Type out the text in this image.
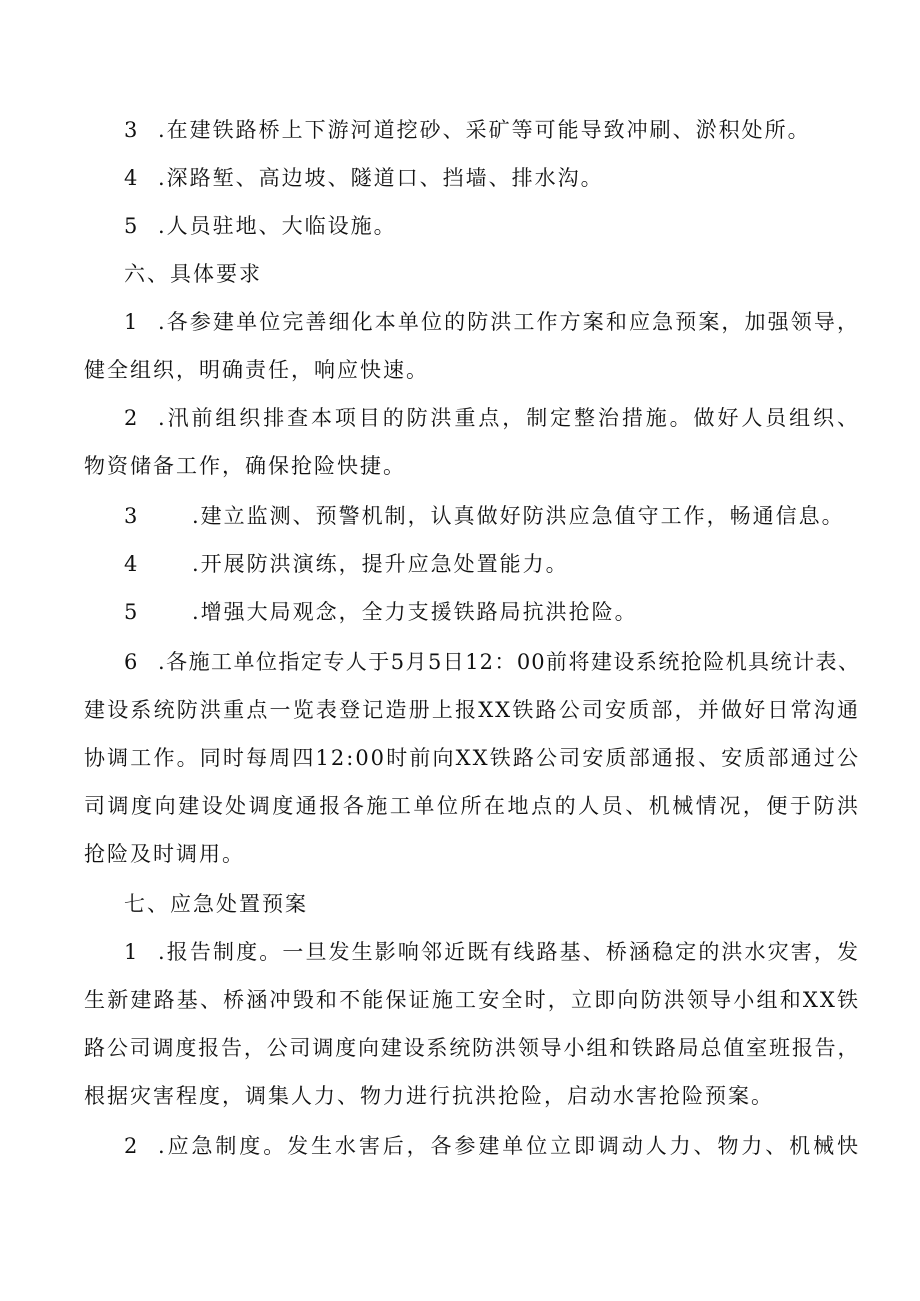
3 .在建铁路桥上下游河道挖砂、采矿等可能导致冲刷、淤积处所。
4 .深路堑、高边坡、隧道口、挡墙、排水沟。
5 .人员驻地、大临设施。
六、具体要求
1 .各参建单位完善细化本单位的防洪工作方案和应急预案，加强领导，
健全组织，明确责任，响应快速。
2 .汛前组织排查本项目的防洪重点，制定整治措施。做好人员组织、
物资储备工作，确保抢险快捷。
3	.建立监测、预警机制，认真做好防洪应急值守工作，畅通信息。
4	.开展防洪演练，提升应急处置能力。
5	.增强大局观念，全力支援铁路局抗洪抢险。
6 .各施工单位指定专人于5月5日12：00前将建设系统抢险机具统计表、
建设系统防洪重点一览表登记造册上报XX铁路公司安质部，并做好日常沟通
协调工作。同时每周四12:00时前向XX铁路公司安质部通报、安质部通过公
司调度向建设处调度通报各施工单位所在地点的人员、机械情况，便于防洪
抢险及时调用。
七、应急处置预案
1 .报告制度。一旦发生影响邻近既有线路基、桥涵稳定的洪水灾害，发
生新建路基、桥涵冲毁和不能保证施工安全时，立即向防洪领导小组和XX铁
路公司调度报告，公司调度向建设系统防洪领导小组和铁路局总值室班报告，
根据灾害程度，调集人力、物力进行抗洪抢险，启动水害抢险预案。
2 .应急制度。发生水害后，各参建单位立即调动人力、物力、机械快
